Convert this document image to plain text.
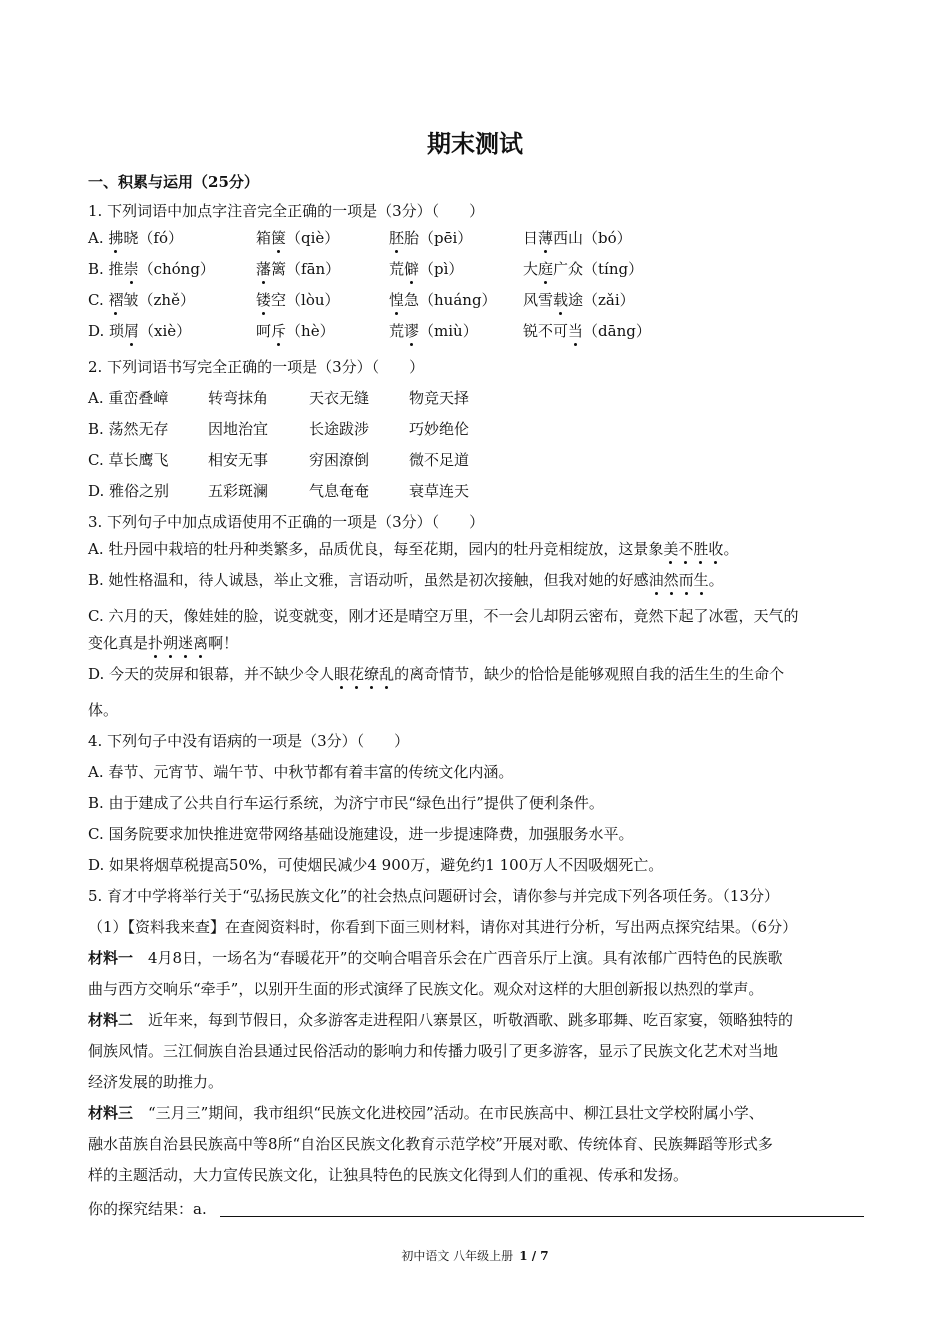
期末测试
一、积累与运用（25分）
1. 下列词语中加点字注音完全正确的一项是（3分）（　　）
A. 拂晓（fó）	箱箧（qiè）	胚胎（pēi）	日薄西山（bó）
B. 推崇（chóng）	藩篱（fān）	荒僻（pì）	大庭广众（tíng）
C. 褶皱（zhě）	镂空（lòu）	惶急（huáng） 风雪载途（zǎi）
D. 琐屑（xiè）	呵斥（hè）	荒谬（miù）	锐不可当（dāng）
2. 下列词语书写完全正确的一项是（3分）（　　）
A. 重峦叠嶂	转弯抹角	天衣无缝	物竞天择
B. 荡然无存	因地治宜	长途跋涉	巧妙绝伦
C. 草长鹰飞	相安无事	穷困潦倒	微不足道
D. 雅俗之别	五彩斑澜	气息奄奄	衰草连天
3. 下列句子中加点成语使用不正确的一项是（3分）（　　）
A. 牡丹园中栽培的牡丹种类繁多，品质优良，每至花期，园内的牡丹竞相绽放，这景象美不胜收。
B. 她性格温和，待人诚恳，举止文雅，言语动听，虽然是初次接触，但我对她的好感油然而生。
C. 六月的天，像娃娃的脸，说变就变，刚才还是晴空万里，不一会儿却阴云密布，竟然下起了冰雹，天气的
变化真是扑朔迷离啊！
D. 今天的荧屏和银幕，并不缺少令人眼花缭乱的离奇情节，缺少的恰恰是能够观照自我的活生生的生命个
体。
4. 下列句子中没有语病的一项是（3分）（　　）
A. 春节、元宵节、端午节、中秋节都有着丰富的传统文化内涵。
B. 由于建成了公共自行车运行系统，为济宁市民“绿色出行”提供了便利条件。
C. 国务院要求加快推进宽带网络基础设施建设，进一步提速降费，加强服务水平。
D. 如果将烟草税提高50%，可使烟民减少4 900万，避免约1 100万人不因吸烟死亡。
5. 育才中学将举行关于“弘扬民族文化”的社会热点问题研讨会，请你参与并完成下列各项任务。（13分）
（1）【资料我来查】在查阅资料时，你看到下面三则材料，请你对其进行分析，写出两点探究结果。（6分）
材料一　4月8日，一场名为“春暖花开”的交响合唱音乐会在广西音乐厅上演。具有浓郁广西特色的民族歌
曲与西方交响乐“牵手”，以别开生面的形式演绎了民族文化。观众对这样的大胆创新报以热烈的掌声。
材料二　近年来，每到节假日，众多游客走进程阳八寨景区，听敬酒歌、跳多耶舞、吃百家宴，领略独特的
侗族风情。三江侗族自治县通过民俗活动的影响力和传播力吸引了更多游客，显示了民族文化艺术对当地
经济发展的助推力。
材料三　“三月三”期间，我市组织“民族文化进校园”活动。在市民族高中、柳江县壮文学校附属小学、
融水苗族自治县民族高中等8所“自治区民族文化教育示范学校”开展对歌、传统体育、民族舞蹈等形式多
样的主题活动，大力宣传民族文化，让独具特色的民族文化得到人们的重视、传承和发扬。
你的探究结果：a.
初中语文 八年级上册 1 / 7
